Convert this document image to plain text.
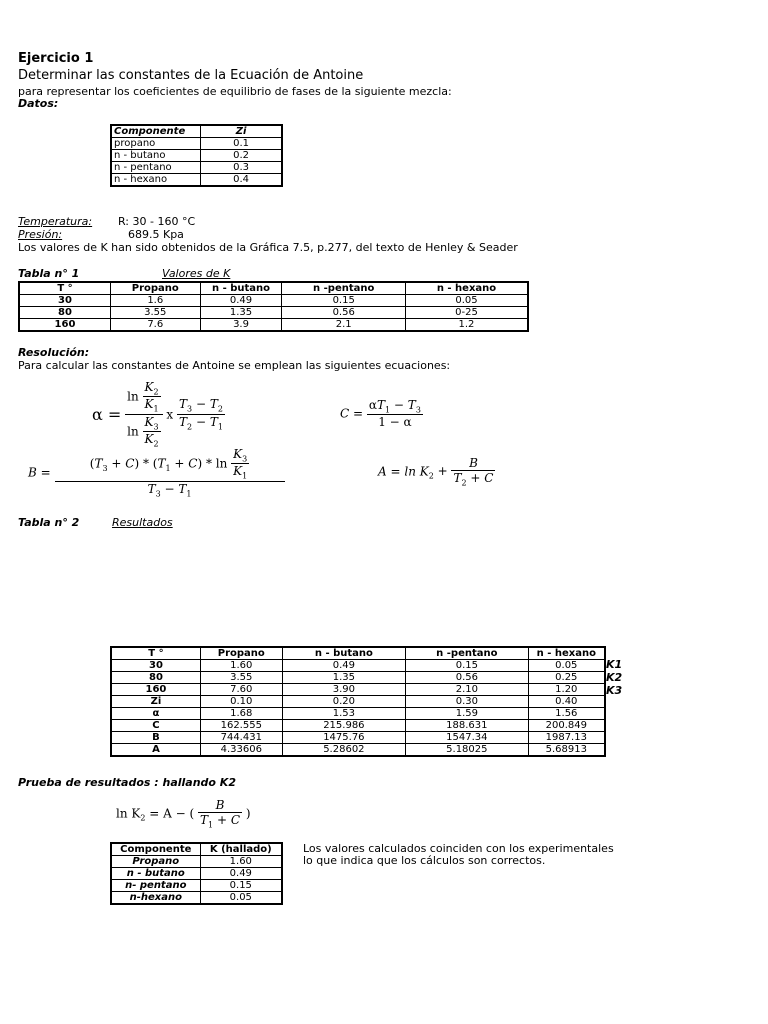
Ejercicio 1
Determinar las constantes de la Ecuación de Antoine
para representar los coeficientes de equilibrio de fases de la siguiente mezcla:
Datos:
Componente	Zi
propano	0.1
n - butano	0.2
n - pentano	0.3
n - hexano	0.4
Temperatura: R: 30 - 160 °C
Presión:	689.5 Kpa
Los valores de K han sido obtenidos de la Gráfica 7.5, p.277, del texto de Henley & Seader
Tabla n° 1	Valores de K
T °	Propano	n - butano	n -pentano	n - hexano
30	1.6	0.49	0.15	0.05
80	3.55	1.35	0.56	0-25
160	7.6	3.9	2.1	1.2
Resolución:
Para calcular las constantes de Antoine se emplean las siguientes ecuaciones:
$\alpha = \frac{\ln \frac{K_2}{K_1}}{\ln \frac{K_3}{K_2}}$ x $\frac{T_3 - T_2}{T_2 - T_1}$	$C = \frac{\alpha T_1 - T_3}{1 - \alpha}$
$B = \frac{(T_3 + C) * (T_1 + C) * \ln \frac{K_3}{K_1}}{T_3 - T_1}$	$A = \ln K_2 + \frac{B}{T_2 + C}$
Tabla n° 2	Resultados
T °	Propano	n - butano	n -pentano	n - hexano
30	1.60	0.49	0.15	0.05
80	3.55	1.35	0.56	0.25
160	7.60	3.90	2.10	1.20
Zi	0.10	0.20	0.30	0.40
α	1.68	1.53	1.59	1.56
C	162.555	215.986	188.631	200.849
B	744.431	1475.76	1547.34	1987.13
A	4.33606	5.28602	5.18025	5.68913
K1
K2
K3
Prueba de resultados : hallando K2
$\ln K_2 = A$ − ( $\frac{B}{T_1 + C}$ )
Componente	K (hallado)
Propano	1.60
n - butano	0.49
n- pentano	0.15
n-hexano	0.05
Los valores calculados coinciden con los experimentales
lo que indica que los cálculos son correctos.
